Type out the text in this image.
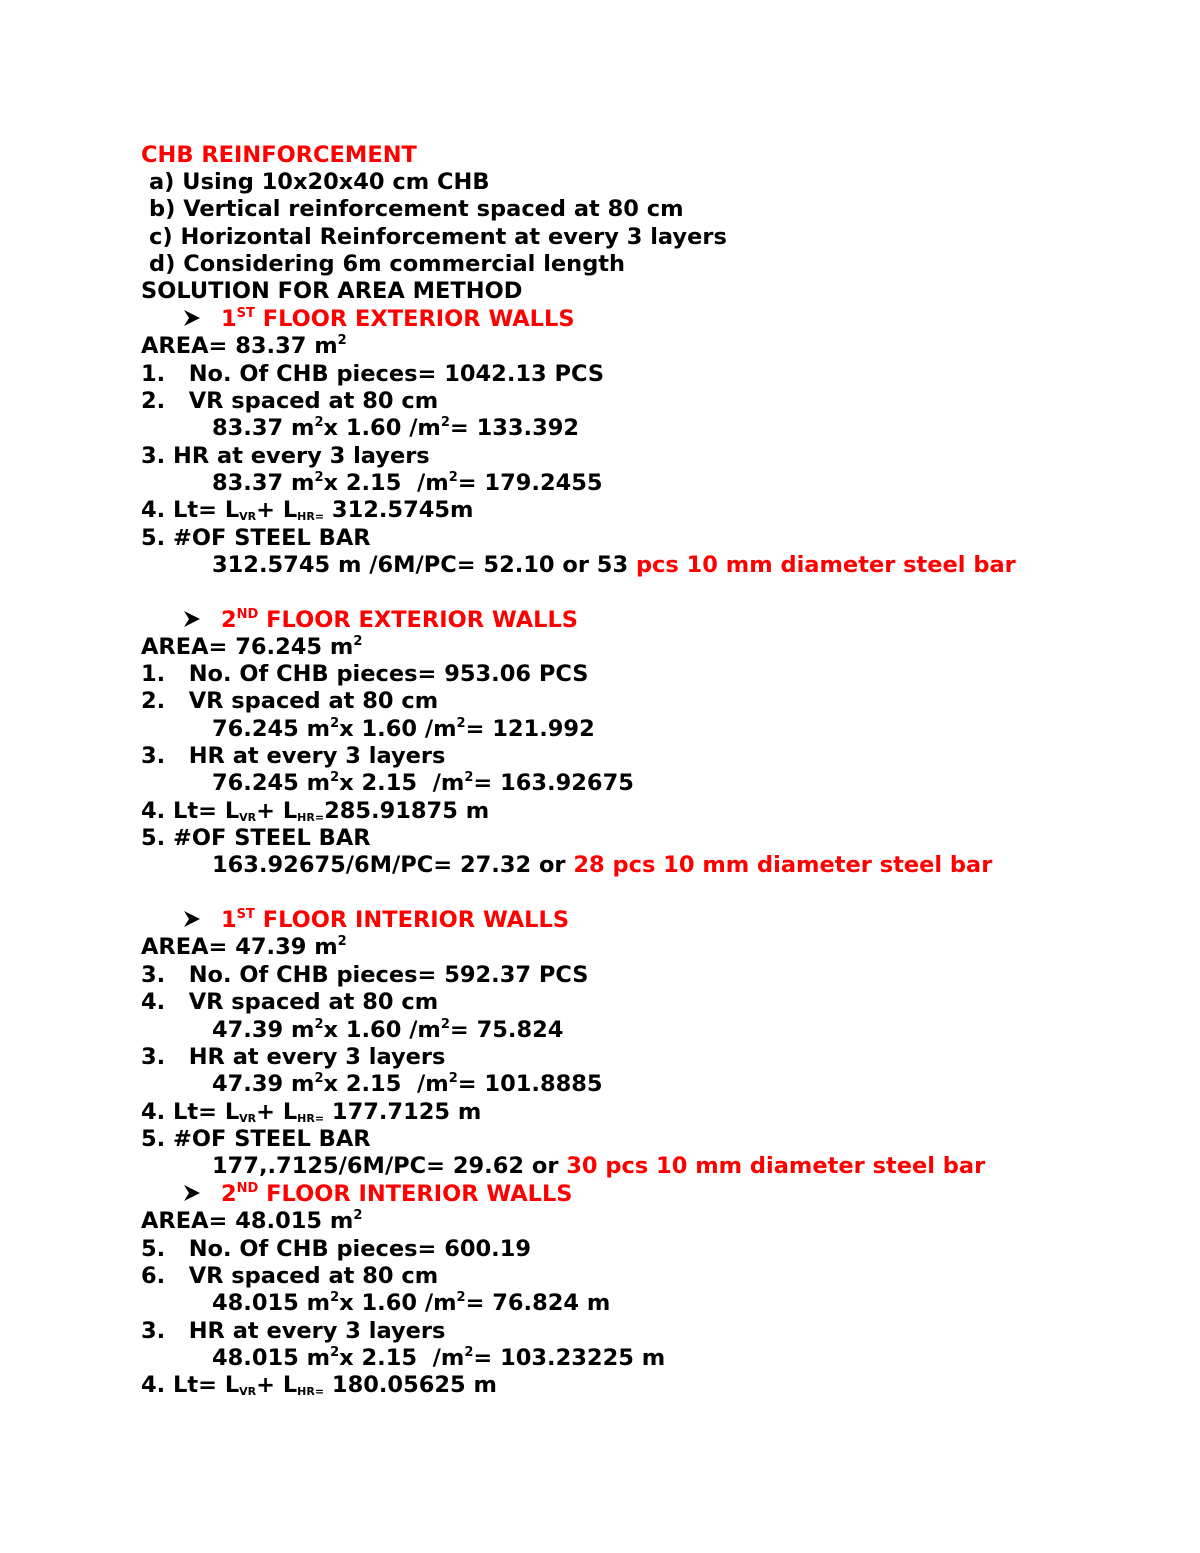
CHB REINFORCEMENT
a) Using 10x20x40 cm CHB
b) Vertical reinforcement spaced at 80 cm
c) Horizontal Reinforcement at every 3 layers
d) Considering 6m commercial length
SOLUTION FOR AREA METHOD
1ST FLOOR EXTERIOR WALLS
AREA= 83.37 $m^2$
1.   No. Of CHB pieces= 1042.13 PCS
2.   VR spaced at 80 cm
83.37 $m^2x$ 1.60 $/m^2= 133.392$
3. HR at every 3 layers
83.37 $m^2x$ 2.15  $/m^2= 179.2455$
4. Lt= LVR+ LHR= 312.5745m
5. #OF STEEL BAR
312.5745 m /6M/PC= 52.10 or 53 pcs 10 mm diameter steel bar
2ND FLOOR EXTERIOR WALLS
AREA= 76.245 $m^2$
1.   No. Of CHB pieces= 953.06 PCS
2.   VR spaced at 80 cm
76.245 $m^2x$ 1.60 $/m^2= 121.992$
3.   HR at every 3 layers
76.245 $m^2x$ 2.15  $/m^2= 163.92675$
4. Lt= LVR+ LHR=285.91875 m
5. #OF STEEL BAR
163.92675/6M/PC= 27.32 or 28 pcs 10 mm diameter steel bar
1ST FLOOR INTERIOR WALLS
AREA= 47.39 $m^2$
3.   No. Of CHB pieces= 592.37 PCS
4.   VR spaced at 80 cm
47.39 $m^2x$ 1.60 $/m^2= 75.824$
3.   HR at every 3 layers
47.39 $m^2x$ 2.15  $/m^2= 101.8885$
4. Lt= LVR+ LHR= 177.7125 m
5. #OF STEEL BAR
177,.7125/6M/PC= 29.62 or 30 pcs 10 mm diameter steel bar
2ND FLOOR INTERIOR WALLS
AREA= 48.015 $m^2$
5.   No. Of CHB pieces= 600.19
6.   VR spaced at 80 cm
48.015 $m^2x$ 1.60 $/m^2= 76.824$ m
3.   HR at every 3 layers
48.015 $m^2x$ 2.15  $/m^2= 103.23225$ m
4. Lt= LVR+ LHR= 180.05625 m
